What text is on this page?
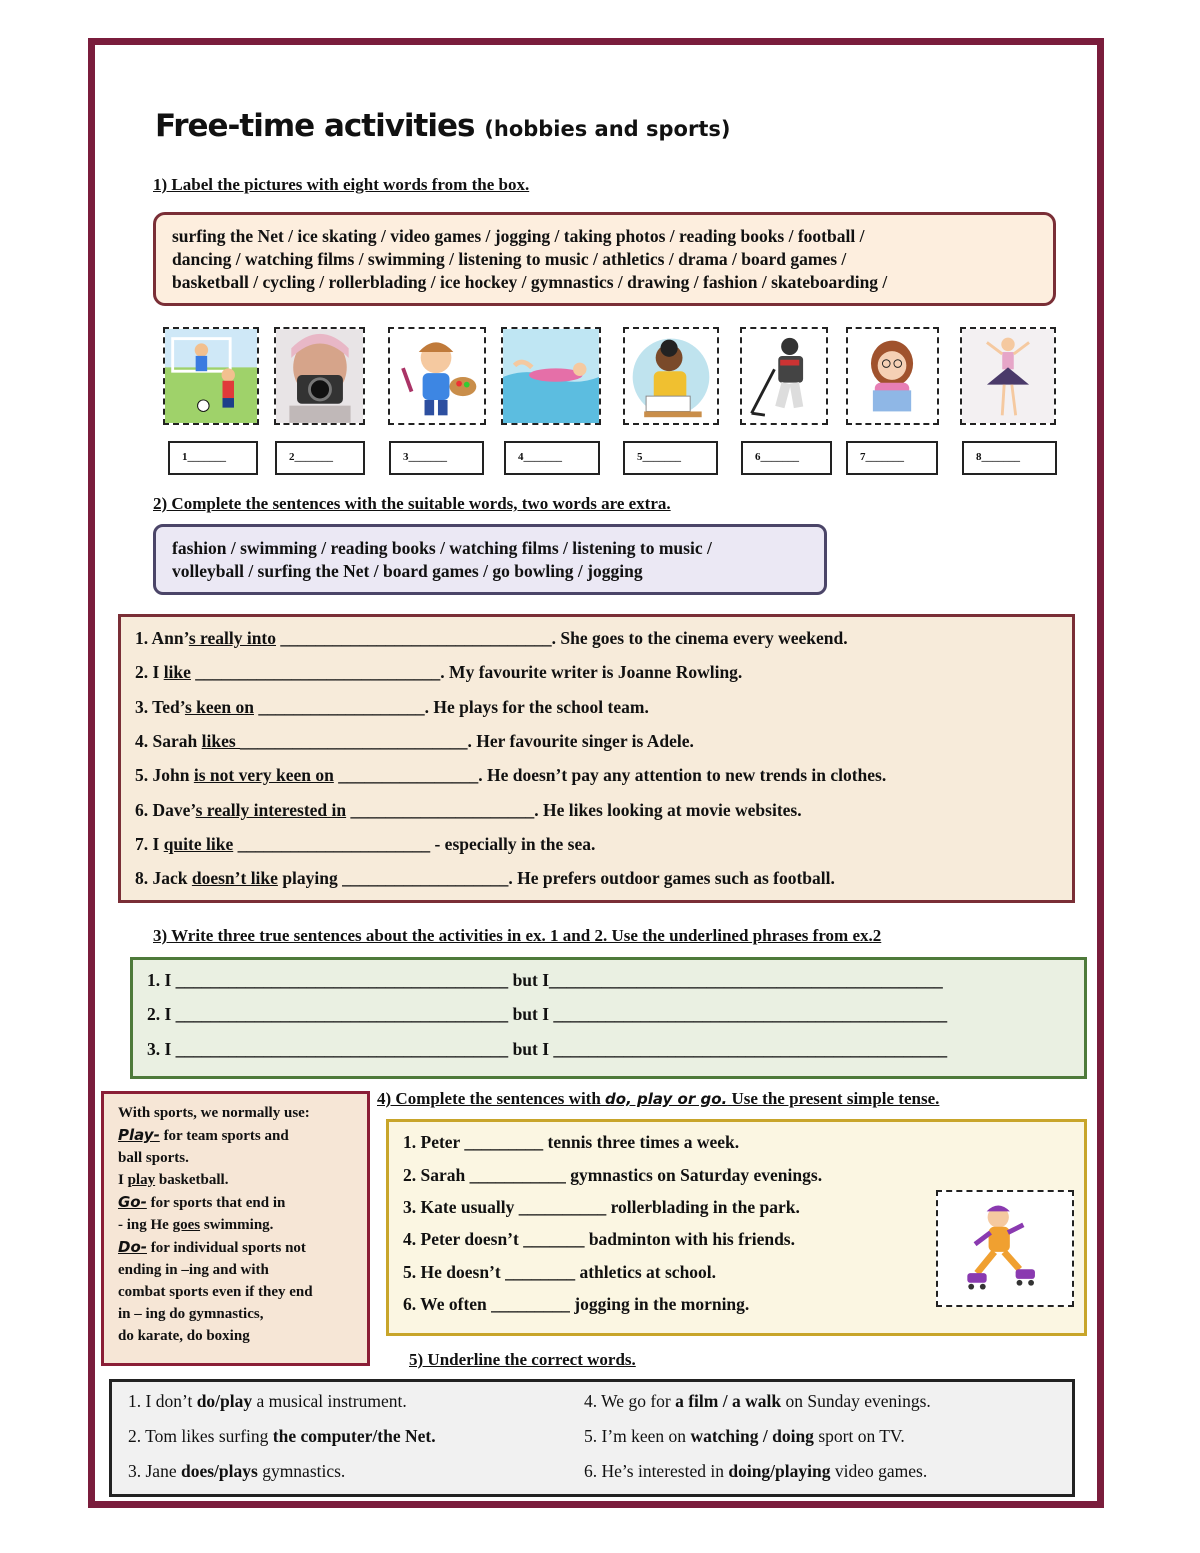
Free-time activities (hobbies and sports)
1) Label the pictures with eight words from the box.
surfing the Net / ice skating / video games / jogging / taking photos / reading books / football /
dancing / watching films / swimming / listening to music / athletics / drama / board games /
basketball / cycling / rollerblading / ice hockey / gymnastics / drawing / fashion / skateboarding /
1_______	2_______	3_______	4_______	5_______	6_______	7_______	8_______
2) Complete the sentences with the suitable words, two words are extra.
fashion / swimming / reading books / watching films / listening to music /
volleyball / surfing the Net / board games / go bowling / jogging
1. Ann’s really into _______________________________. She goes to the cinema every weekend.
2. I like ____________________________. My favourite writer is Joanne Rowling.
3. Ted’s keen on ___________________. He plays for the school team.
4. Sarah likes __________________________. Her favourite singer is Adele.
5. John is not very keen on ________________. He doesn’t pay any attention to new trends in clothes.
6. Dave’s really interested in _____________________. He likes looking at movie websites.
7. I quite like ______________________ - especially in the sea.
8. Jack doesn’t like playing ___________________. He prefers outdoor games such as football.
3) Write three true sentences about the activities in ex. 1 and 2. Use the underlined phrases from ex.2
1. I ______________________________________ but I_____________________________________________
2. I ______________________________________ but I _____________________________________________
3. I ______________________________________ but I _____________________________________________
With sports, we normally use:
Play- for team sports and
ball sports.
I play basketball.
Go- for sports that end in
- ing He goes swimming.
Do- for individual sports not
ending in –ing and with
combat sports even if they end
in – ing do gymnastics,
do karate, do boxing
4) Complete the sentences with do, play or go. Use the present simple tense.
1. Peter _________ tennis three times a week.
2. Sarah ___________ gymnastics on Saturday evenings.
3. Kate usually __________ rollerblading in the park.
4. Peter doesn’t _______ badminton with his friends.
5. He doesn’t ________ athletics at school.
6. We often _________ jogging in the morning.
5) Underline the correct words.
1. I don’t do/play a musical instrument.
2. Tom likes surfing the computer/the Net.
3. Jane does/plays gymnastics.
4. We go for a film / a walk on Sunday evenings.
5. I’m keen on watching / doing sport on TV.
6. He’s interested in doing/playing video games.
